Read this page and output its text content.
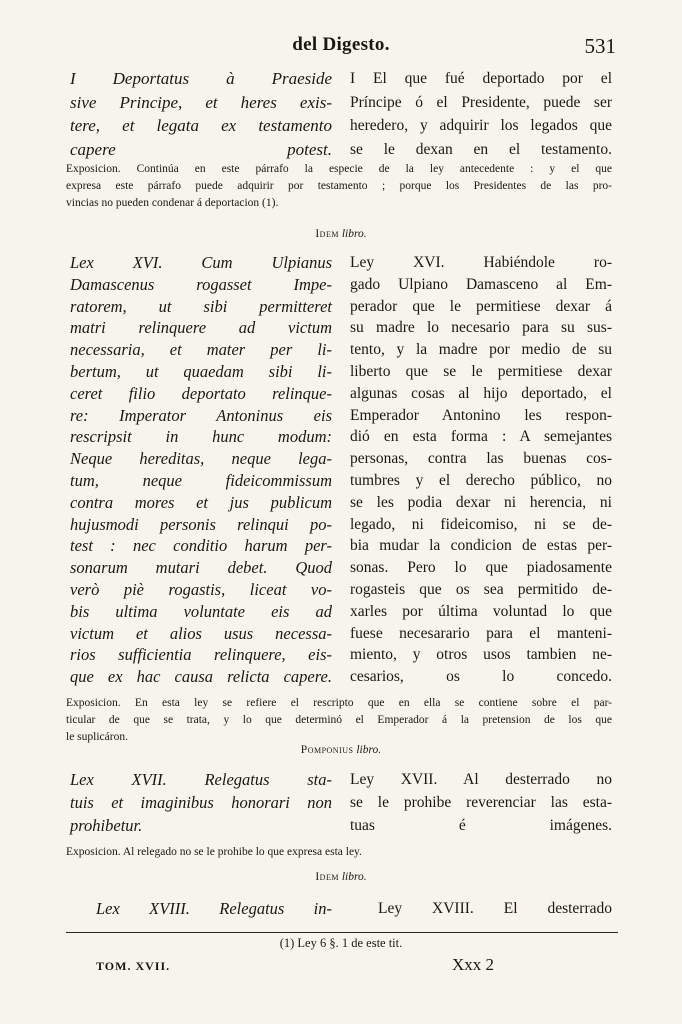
del Digesto.	531
I Deportatus à Praeside
sive Principe, et heres exis-
tere, et legata ex testamento
capere potest.
I El que fué deportado por el
Príncipe ó el Presidente, puede ser
heredero, y adquirir los legados que
se le dexan en el testamento.
Exposicion. Continúa en este párrafo la especie de la ley antecedente : y el que
expresa este párrafo puede adquirir por testamento ; porque los Presidentes de las pro-
vincias no pueden condenar á deportacion (1).
Idem libro.
Lex XVI. Cum Ulpianus
Damascenus rogasset Impe-
ratorem, ut sibi permitteret
matri relinquere ad victum
necessaria, et mater per li-
bertum, ut quaedam sibi li-
ceret filio deportato relinque-
re: Imperator Antoninus eis
rescripsit in hunc modum:
Neque hereditas, neque lega-
tum, neque fideicommissum
contra mores et jus publicum
hujusmodi personis relinqui po-
test : nec conditio harum per-
sonarum mutari debet. Quod
verò piè rogastis, liceat vo-
bis ultima voluntate eis ad
victum et alios usus necessa-
rios sufficientia relinquere, eis-
que ex hac causa relicta capere.
Ley XVI. Habiéndole ro-
gado Ulpiano Damasceno al Em-
perador que le permitiese dexar á
su madre lo necesario para su sus-
tento, y la madre por medio de su
liberto que se le permitiese dexar
algunas cosas al hijo deportado, el
Emperador Antonino les respon-
dió en esta forma : A semejantes
personas, contra las buenas cos-
tumbres y el derecho público, no
se les podia dexar ni herencia, ni
legado, ni fideicomiso, ni se de-
bia mudar la condicion de estas per-
sonas. Pero lo que piadosamente
rogasteis que os sea permitido de-
xarles por última voluntad lo que
fuese necesarario para el manteni-
miento, y otros usos tambien ne-
cesarios, os lo concedo.
Exposicion. En esta ley se refiere el rescripto que en ella se contiene sobre el par-
ticular de que se trata, y lo que determinó el Emperador á la pretension de los que
le suplicáron.
Pomponius libro.
Lex XVII. Relegatus sta-
tuis et imaginibus honorari non
prohibetur.
Ley XVII. Al desterrado no
se le prohibe reverenciar las esta-
tuas é imágenes.
Exposicion. Al relegado no se le prohibe lo que expresa esta ley.
Idem libro.
Lex XVIII. Relegatus in-	Ley XVIII. El desterrado
(1) Ley 6 §. 1 de este tit.
TOM. XVII.	Xxx 2
